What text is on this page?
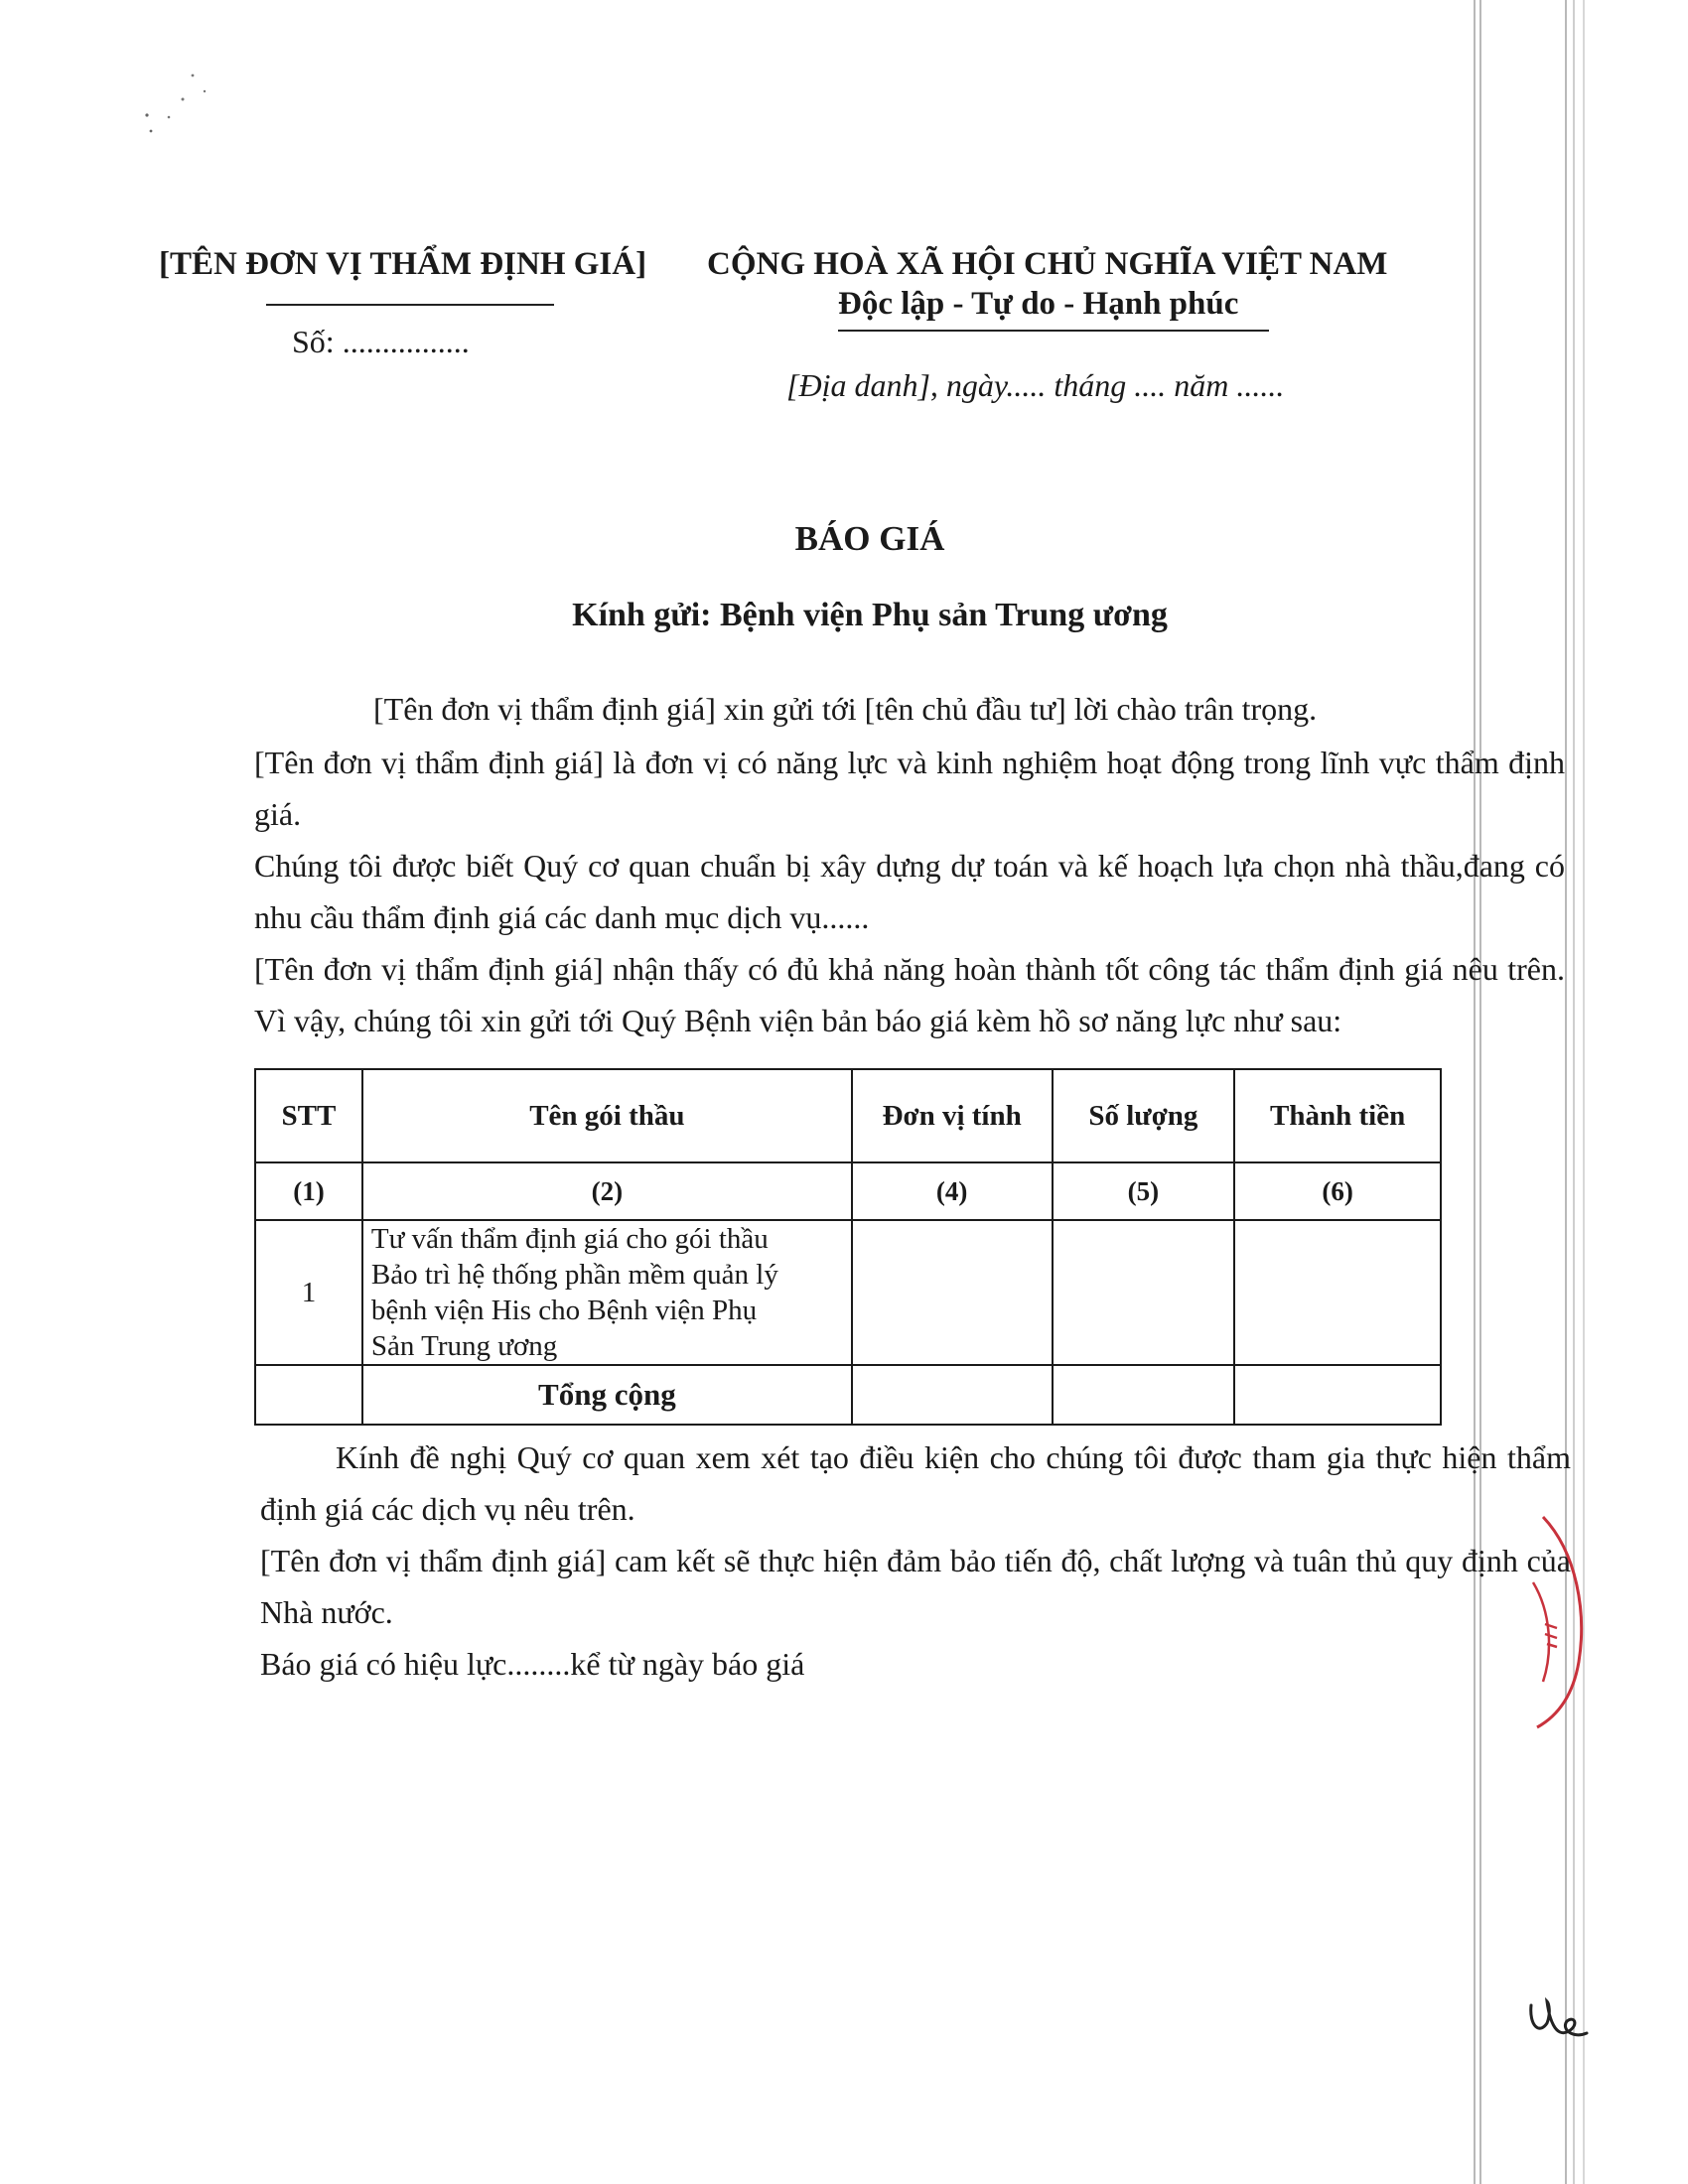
[TÊN ĐƠN VỊ THẨM ĐỊNH GIÁ]
Số: ................
CỘNG HOÀ XÃ HỘI CHỦ NGHĨA VIỆT NAM
Độc lập - Tự do - Hạnh phúc
[Địa danh], ngày..... tháng .... năm ......
BÁO GIÁ
Kính gửi: Bệnh viện Phụ sản Trung ương
[Tên đơn vị thẩm định giá] xin gửi tới [tên chủ đầu tư] lời chào trân trọng.
[Tên đơn vị thẩm định giá] là đơn vị có năng lực và kinh nghiệm hoạt động trong lĩnh vực thẩm định giá.
Chúng tôi được biết Quý cơ quan chuẩn bị xây dựng dự toán và kế hoạch lựa chọn nhà thầu,đang có nhu cầu thẩm định giá các danh mục dịch vụ......
[Tên đơn vị thẩm định giá] nhận thấy có đủ khả năng hoàn thành tốt công tác thẩm định giá nêu trên. Vì vậy, chúng tôi xin gửi tới Quý Bệnh viện bản báo giá kèm hồ sơ năng lực như sau:
STT	Tên gói thầu	Đơn vị tính	Số lượng	Thành tiền
(1)	(2)	(4)	(5)	(6)
1	Tư vấn thẩm định giá cho gói thầu
Bảo trì hệ thống phần mềm quản lý
bệnh viện His cho Bệnh viện Phụ
Sản Trung ương			

	Tổng cộng			
Kính đề nghị Quý cơ quan xem xét tạo điều kiện cho chúng tôi được tham gia thực hiện thẩm định giá các dịch vụ nêu trên.
[Tên đơn vị thẩm định giá] cam kết sẽ thực hiện đảm bảo tiến độ, chất lượng và tuân thủ quy định của Nhà nước.
Báo giá có hiệu lực........kể từ ngày báo giá
